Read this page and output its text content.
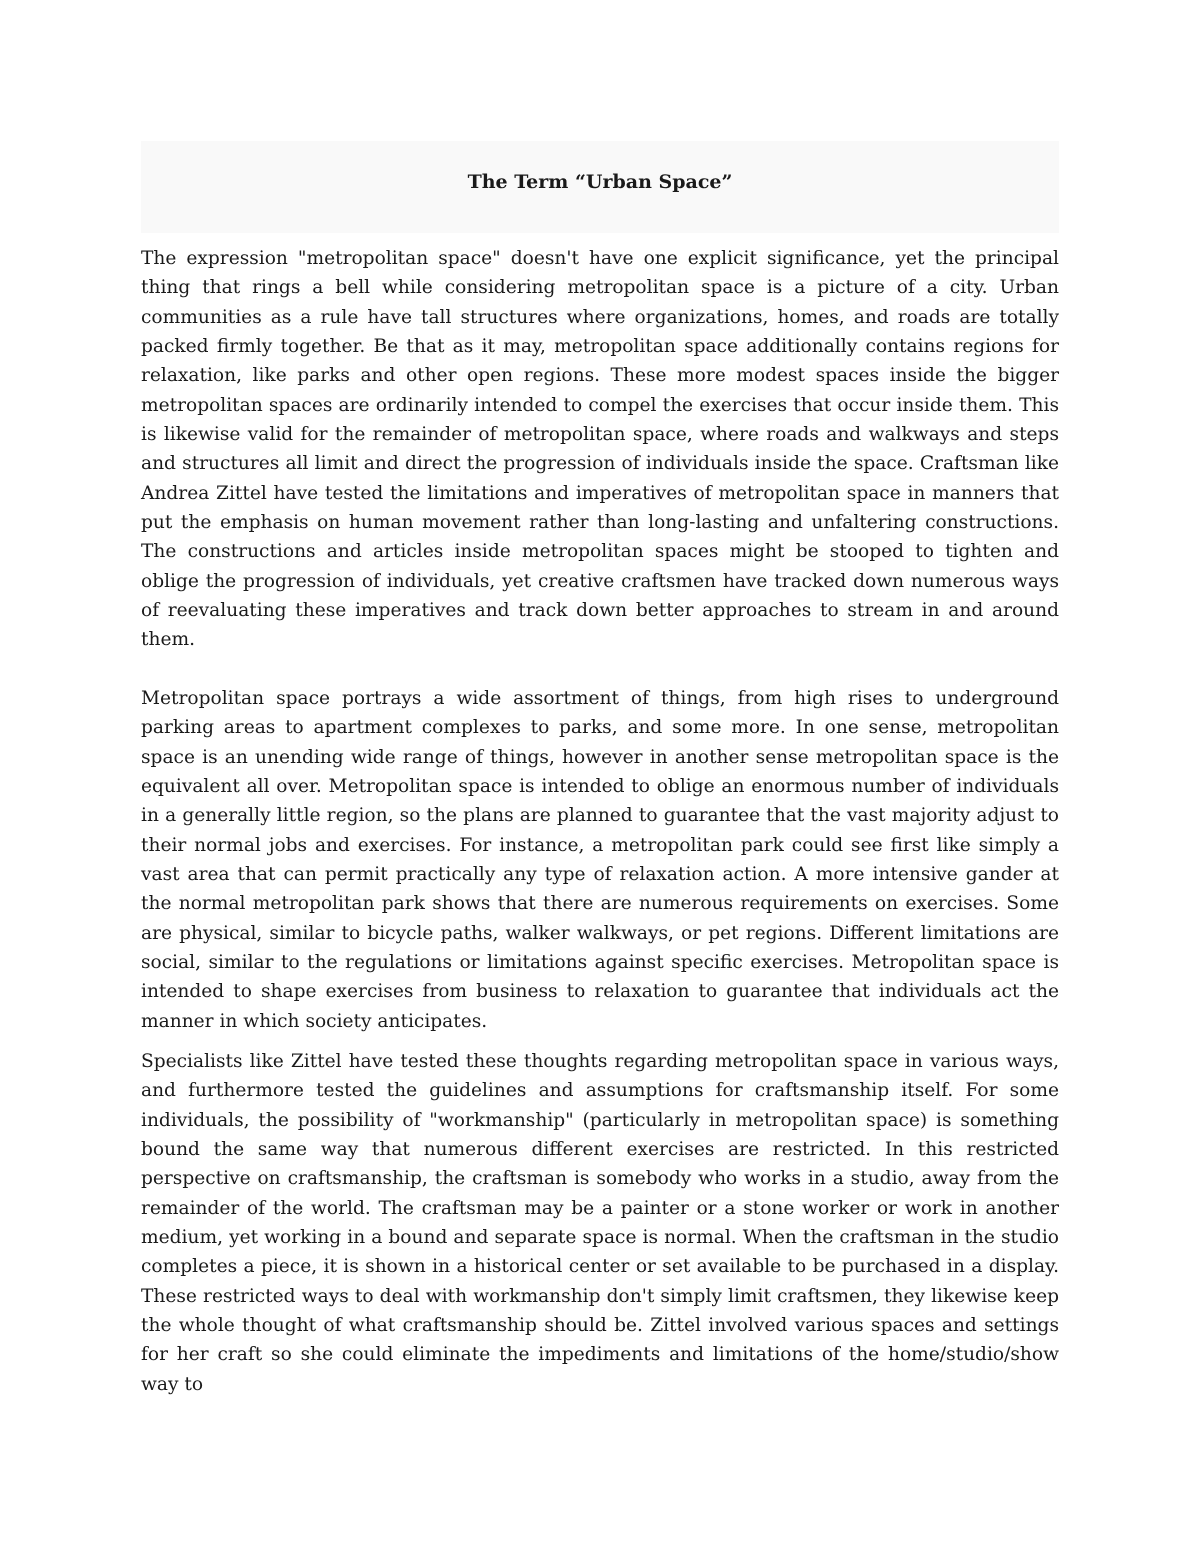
The Term “Urban Space”

The expression "metropolitan space" doesn't have one explicit significance, yet the principal thing that rings a bell while considering metropolitan space is a picture of a city. Urban communities as a rule have tall structures where organizations, homes, and roads are totally packed firmly together. Be that as it may, metropolitan space additionally contains regions for relaxation, like parks and other open regions. These more modest spaces inside the bigger metropolitan spaces are ordinarily intended to compel the exercises that occur inside them. This is likewise valid for the remainder of metropolitan space, where roads and walkways and steps and structures all limit and direct the progression of individuals inside the space. Craftsman like Andrea Zittel have tested the limitations and imperatives of metropolitan space in manners that put the emphasis on human movement rather than long-lasting and unfaltering constructions. The constructions and articles inside metropolitan spaces might be stooped to tighten and oblige the progression of individuals, yet creative craftsmen have tracked down numerous ways of reevaluating these imperatives and track down better approaches to stream in and around them.

Metropolitan space portrays a wide assortment of things, from high rises to underground parking areas to apartment complexes to parks, and some more. In one sense, metropolitan space is an unending wide range of things, however in another sense metropolitan space is the equivalent all over. Metropolitan space is intended to oblige an enormous number of individuals in a generally little region, so the plans are planned to guarantee that the vast majority adjust to their normal jobs and exercises. For instance, a metropolitan park could see first like simply a vast area that can permit practically any type of relaxation action. A more intensive gander at the normal metropolitan park shows that there are numerous requirements on exercises. Some are physical, similar to bicycle paths, walker walkways, or pet regions. Different limitations are social, similar to the regulations or limitations against specific exercises. Metropolitan space is intended to shape exercises from business to relaxation to guarantee that individuals act the manner in which society anticipates.

Specialists like Zittel have tested these thoughts regarding metropolitan space in various ways, and furthermore tested the guidelines and assumptions for craftsmanship itself. For some individuals, the possibility of "workmanship" (particularly in metropolitan space) is something bound the same way that numerous different exercises are restricted. In this restricted perspective on craftsmanship, the craftsman is somebody who works in a studio, away from the remainder of the world. The craftsman may be a painter or a stone worker or work in another medium, yet working in a bound and separate space is normal. When the craftsman in the studio completes a piece, it is shown in a historical center or set available to be purchased in a display. These restricted ways to deal with workmanship don't simply limit craftsmen, they likewise keep the whole thought of what craftsmanship should be. Zittel involved various spaces and settings for her craft so she could eliminate the impediments and limitations of the home/studio/show way to
